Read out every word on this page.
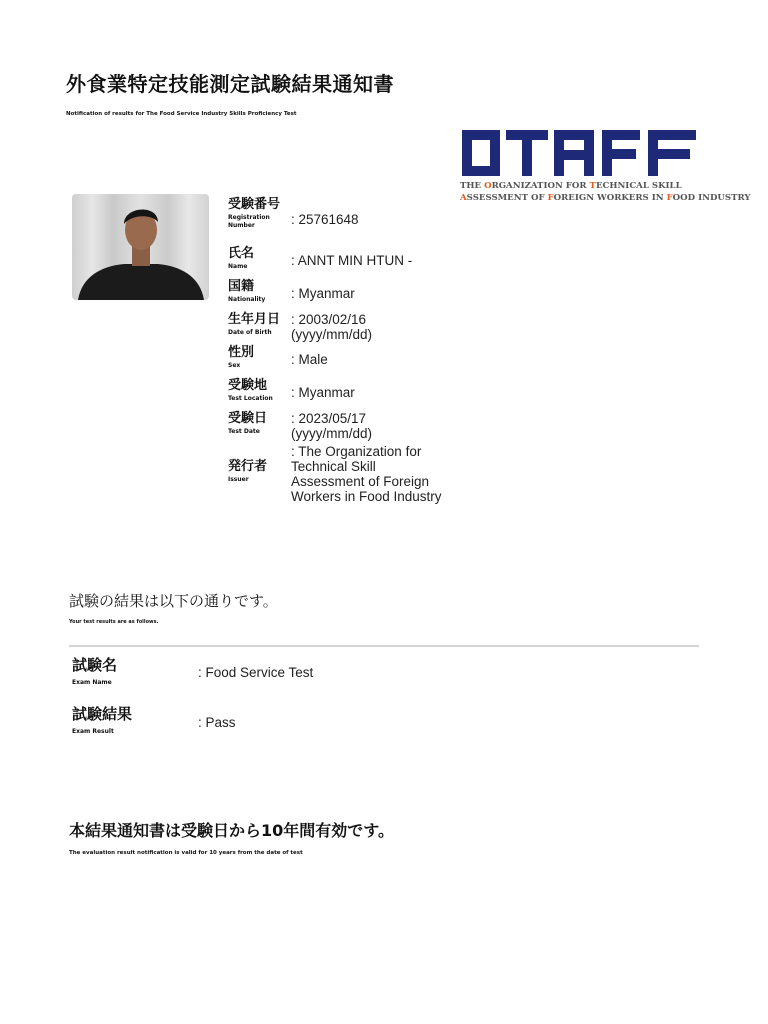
外食業特定技能測定試験結果通知書
Notification of results for The Food Service Industry Skills Proficiency Test
THE ORGANIZATION FOR TECHNICAL SKILL
ASSESSMENT OF FOREIGN WORKERS IN FOOD INDUSTRY
受験番号
Registration Number
氏名
Name
国籍
Nationality
生年月日
Date of Birth
性別
Sex
受験地
Test Location
受験日
Test Date
発行者
Issuer
: 25761648
: ANNT MIN HTUN -
: Myanmar
: 2003/02/16
(yyyy/mm/dd)
: Male
: Myanmar
: 2023/05/17
(yyyy/mm/dd)
: The Organization for
Technical Skill
Assessment of Foreign
Workers in Food Industry
試験の結果は以下の通りです。
Your test results are as follows.
試験名
Exam Name
: Food Service Test
試験結果
Exam Result
: Pass
本結果通知書は受験日から10年間有効です。
The evaluation result notification is valid for 10 years from the date of test
